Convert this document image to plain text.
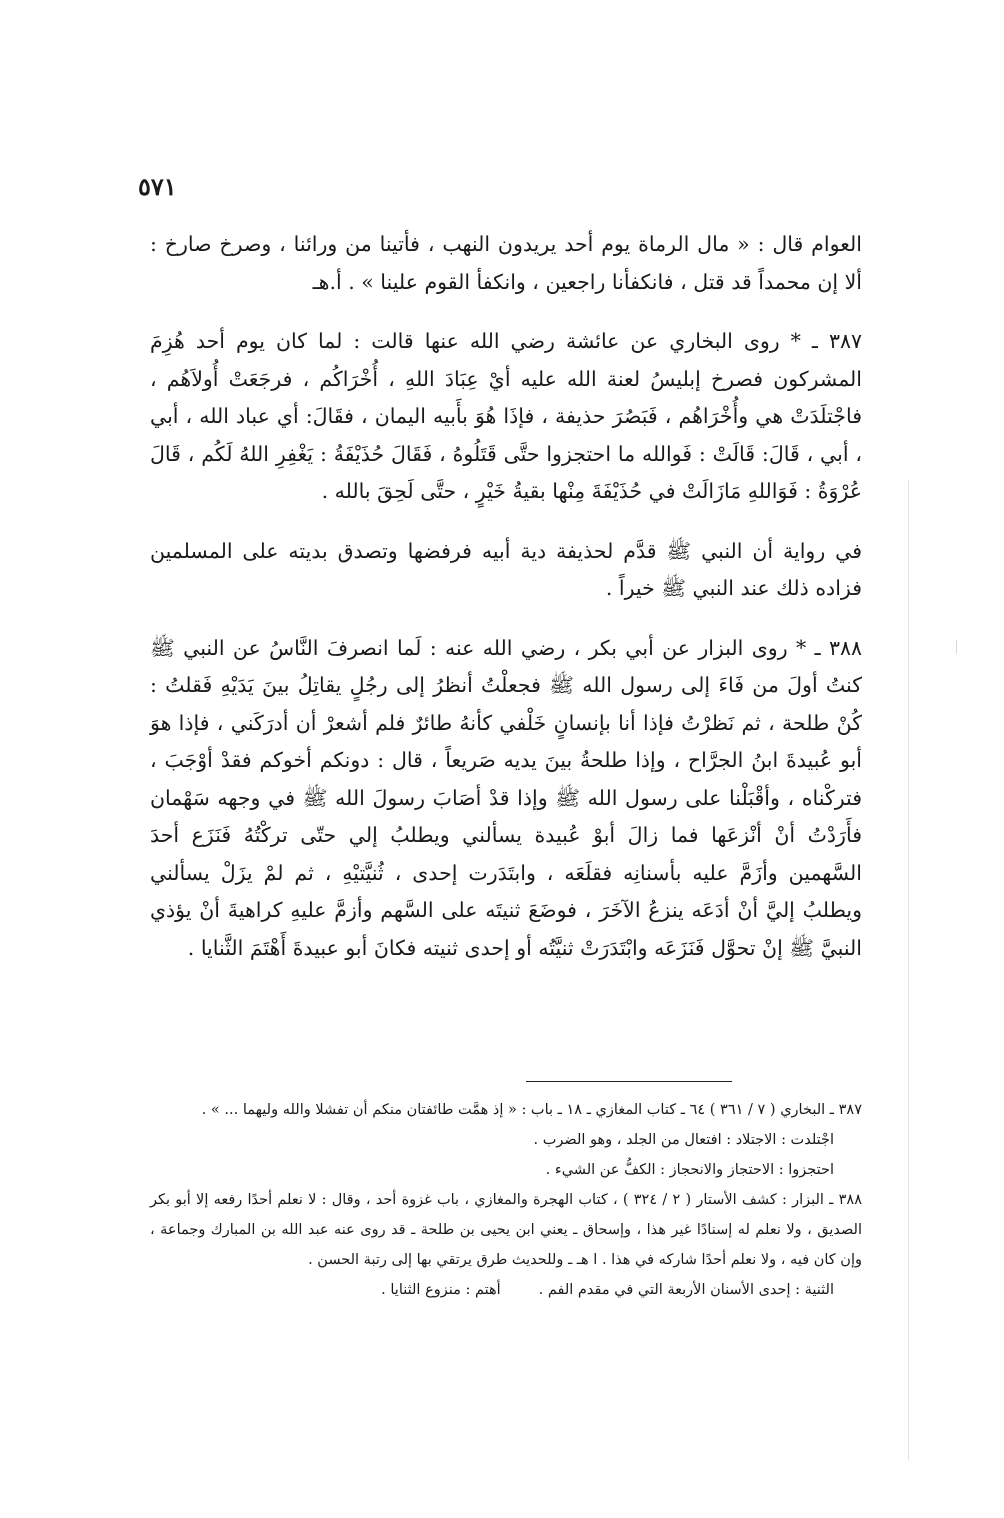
٥٧١

العوام قال : « مال الرماة يوم أحد يريدون النهب ، فأتينا من ورائنا ، وصرخ صارخ : ألا إن محمداً قد قتل ، فانكفأنا راجعين ، وانكفأ القوم علينا » . أ.هـ

٣٨٧ ـ * روى البخاري عن عائشة رضي الله عنها قالت : لما كان يوم أحد هُزِمَ المشركون فصرخ إبليسُ لعنة الله عليه أيْ عِبَادَ اللهِ ، أُخْرَاكُم ، فرجَعَتْ أُولاَهُم ، فاجْتلَدَتْ هي وأُخْرَاهُم ، فَبَصُرَ حذيفة ، فإذَا هُوَ بأَبيه اليمان ، فقَالَ: أي عباد الله ، أبي ، أبي ، قَالَ: قَالَتْ : فَوالله ما احتجزوا حتَّى قَتَلُوهُ ، فَقَالَ حُذَيْفَةُ : يَغْفِرِ اللهُ لَكُم ، قَالَ عُرْوَةُ : فَوَاللهِ مَازَالَتْ في حُذَيْفَةَ مِنْها بقيةُ خَيْرٍ ، حتَّى لَحِقَ بالله .

في رواية أن النبي ﷺ قدَّم لحذيفة دية أبيه فرفضها وتصدق بديته على المسلمين فزاده ذلك عند النبي ﷺ خيراً .

٣٨٨ ـ * روى البزار عن أبي بكر ، رضي الله عنه : لَما انصرفَ النَّاسُ عن النبي ﷺ كنتُ أولَ من فَاءَ إلى رسول الله ﷺ فجعلْتُ أنظرُ إلى رجُلٍ يقاتِلُ بينَ يَدَيْهِ فَقلتُ : كُنْ طلحة ، ثم نَظرْتُ فإذا أنا بإنسانٍ خَلْفي كأنهُ طائرٌ فلم أشعرْ أن أدرَكَني ، فإذا هوَ أبو عُبيدةَ ابنُ الجرَّاح ، وإذا طلحةُ بينَ يديه صَريعاً ، قال : دونكم أخوكم فقدْ أوْجَبَ ، فتركْناه ، وأقْبَلْنا على رسول الله ﷺ وإذا قدْ أصَابَ رسولَ الله ﷺ في وجهه سَهْمان فأَرَدْتُ أنْ أنْزعَها فما زالَ أبوْ عُبيدة يسألني ويطلبُ إلي حتّى تركْتُهُ فَنَزَع أحدَ السَّهمين وأزَمَّ عليه بأسنانِه فقلَعَه ، وابتَدَرت إحدى ، ثُنيَّتيْهِ ، ثم لمْ يزَلْ يسألني ويطلبُ إليَّ أنْ أدَعَه ينزعُ الآخَرَ ، فوضَعَ ثنيتَه على السَّهم وأزمَّ عليهِ كراهيةَ أنْ يؤذي النبيَّ ﷺ إنْ تحوَّل فَنَزَعَه وابْتَدَرَتْ ثنيَّتُه أو إحدى ثنيته فكانَ أبو عبيدةَ أَهْتَمَ الثَّنايا .

٣٨٧ ـ البخاري ( ٧ / ٣٦١ ) ٦٤ ـ كتاب المغازي ـ ١٨ ـ باب : « إذ همَّت طائفتان منكم أن تفشلا والله وليهما ... » .

اجْتلدت : الاجتلاد : افتعال من الجلد ، وهو الضرب .

احتجزوا : الاحتجاز والانحجاز : الكفُّ عن الشيء .

٣٨٨ ـ البزار : كشف الأستار ( ٢ / ٣٢٤ ) ، كتاب الهجرة والمغازي ، باب غزوة أحد ، وقال : لا نعلم أحدًا رفعه إلا أبو بكر الصديق ، ولا نعلم له إسنادًا غير هذا ، وإسحاق ـ يعني ابن يحيى بن طلحة ـ قد روى عنه عبد الله بن المبارك وجماعة ، وإن كان فيه ، ولا نعلم أحدًا شاركه في هذا . ا هـ ـ وللحديث طرق يرتقي بها إلى رتبة الحسن .

الثنية : إحدى الأسنان الأربعة التي في مقدم الفم .
أهتم : منزوع الثنايا .
